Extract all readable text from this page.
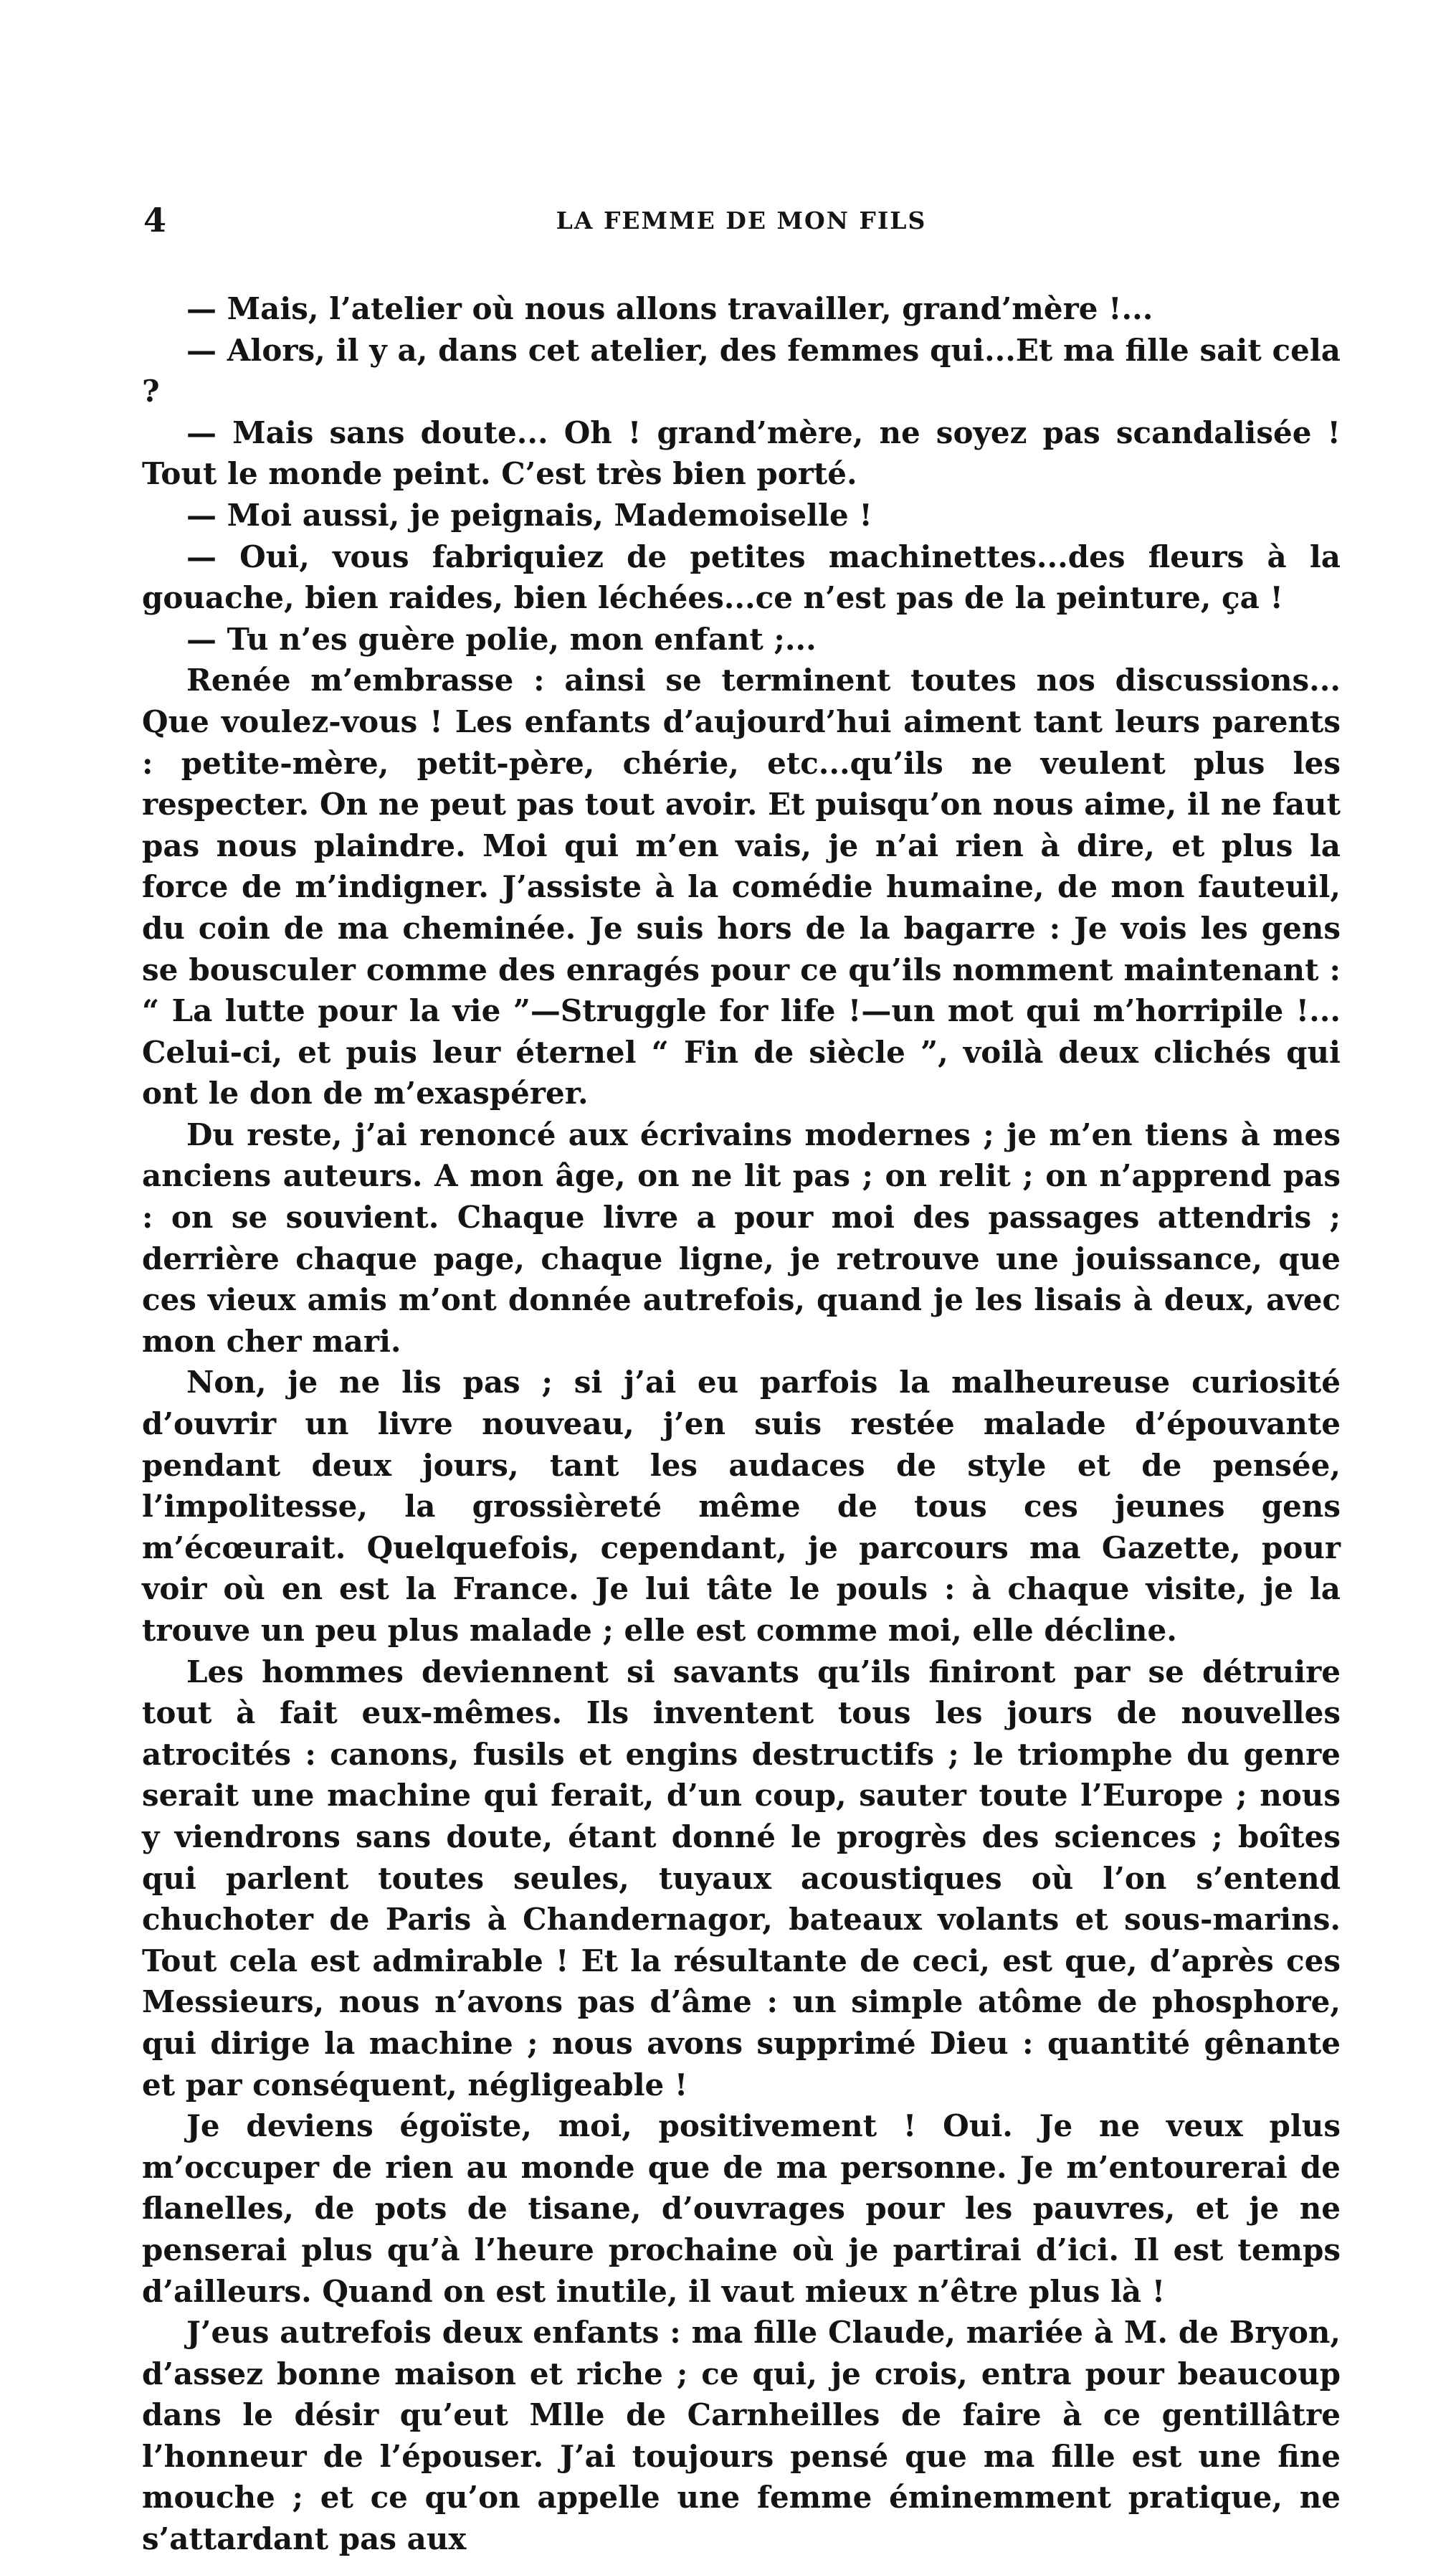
4	LA FEMME DE MON FILS

— Mais, l’atelier où nous allons travailler, grand’mère !...

— Alors, il y a, dans cet atelier, des femmes qui...Et ma fille sait cela ?

— Mais sans doute... Oh ! grand’mère, ne soyez pas scandalisée ! Tout le monde peint. C’est très bien porté.

— Moi aussi, je peignais, Mademoiselle !

— Oui, vous fabriquiez de petites machinettes...des fleurs à la gouache, bien raides, bien léchées...ce n’est pas de la peinture, ça !

— Tu n’es guère polie, mon enfant ;...

Renée m’embrasse : ainsi se terminent toutes nos discussions... Que voulez-vous ! Les enfants d’aujourd’hui aiment tant leurs parents : petite-mère, petit-père, chérie, etc...qu’ils ne veulent plus les respecter. On ne peut pas tout avoir. Et puisqu’on nous aime, il ne faut pas nous plaindre. Moi qui m’en vais, je n’ai rien à dire, et plus la force de m’indigner. J’assiste à la comédie humaine, de mon fauteuil, du coin de ma cheminée. Je suis hors de la bagarre : Je vois les gens se bousculer comme des enragés pour ce qu’ils nomment maintenant : “ La lutte pour la vie ”—Struggle for life !—un mot qui m’horripile !... Celui-ci, et puis leur éternel “ Fin de siècle ”, voilà deux clichés qui ont le don de m’exaspérer.

Du reste, j’ai renoncé aux écrivains modernes ; je m’en tiens à mes anciens auteurs. A mon âge, on ne lit pas ; on relit ; on n’apprend pas : on se souvient. Chaque livre a pour moi des passages attendris ; derrière chaque page, chaque ligne, je retrouve une jouissance, que ces vieux amis m’ont donnée autrefois, quand je les lisais à deux, avec mon cher mari.

Non, je ne lis pas ; si j’ai eu parfois la malheureuse curiosité d’ouvrir un livre nouveau, j’en suis restée malade d’épouvante pendant deux jours, tant les audaces de style et de pensée, l’impolitesse, la grossièreté même de tous ces jeunes gens m’écœurait. Quelquefois, cependant, je parcours ma Gazette, pour voir où en est la France. Je lui tâte le pouls : à chaque visite, je la trouve un peu plus malade ; elle est comme moi, elle décline.

Les hommes deviennent si savants qu’ils finiront par se détruire tout à fait eux-mêmes. Ils inventent tous les jours de nouvelles atrocités : canons, fusils et engins destructifs ; le triomphe du genre serait une machine qui ferait, d’un coup, sauter toute l’Europe ; nous y viendrons sans doute, étant donné le progrès des sciences ; boîtes qui parlent toutes seules, tuyaux acoustiques où l’on s’entend chuchoter de Paris à Chandernagor, bateaux volants et sous-marins. Tout cela est admirable ! Et la résultante de ceci, est que, d’après ces Messieurs, nous n’avons pas d’âme : un simple atôme de phosphore, qui dirige la machine ; nous avons supprimé Dieu : quantité gênante et par conséquent, négligeable !

Je deviens égoïste, moi, positivement ! Oui. Je ne veux plus m’occuper de rien au monde que de ma personne. Je m’entourerai de flanelles, de pots de tisane, d’ouvrages pour les pauvres, et je ne penserai plus qu’à l’heure prochaine où je partirai d’ici. Il est temps d’ailleurs. Quand on est inutile, il vaut mieux n’être plus là !

J’eus autrefois deux enfants : ma fille Claude, mariée à M. de Bryon, d’assez bonne maison et riche ; ce qui, je crois, entra pour beaucoup dans le désir qu’eut Mlle de Carnheilles de faire à ce gentillâtre l’honneur de l’épouser. J’ai toujours pensé que ma fille est une fine mouche ; et ce qu’on appelle une femme éminemment pratique, ne s’attardant pas aux
